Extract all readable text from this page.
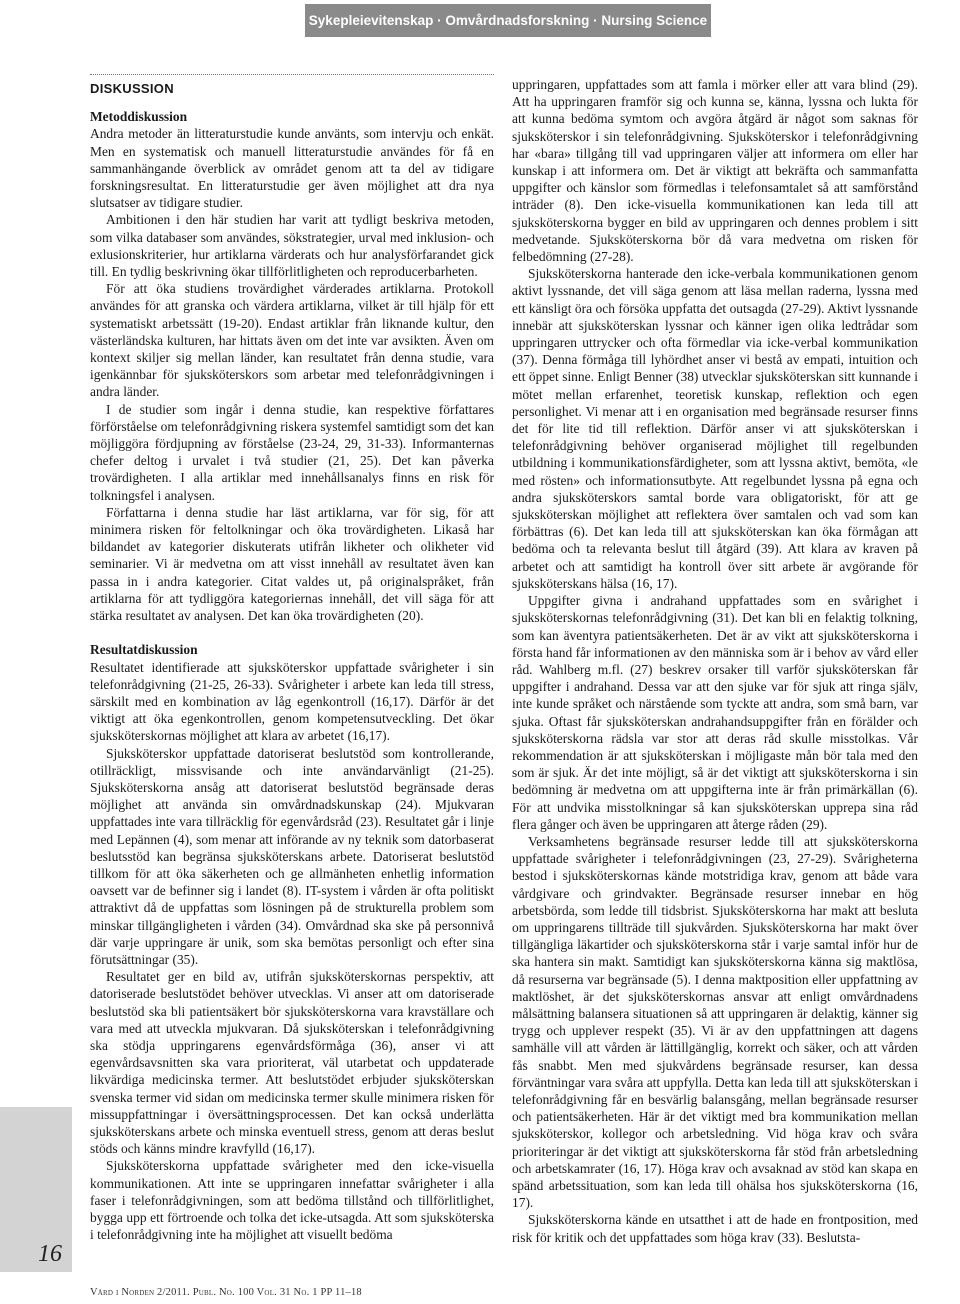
Sykepleievitenskap · Omvårdnadsforskning · Nursing Science
DISKUSSION
Metoddiskussion

Andra metoder än litteraturstudie kunde använts, som intervju och enkät. Men en systematisk och manuell litteraturstudie användes för få en sammanhängande överblick av området genom att ta del av tidigare forskningsresultat. En litteraturstudie ger även möjlighet att dra nya slutsatser av tidigare studier.

Ambitionen i den här studien har varit att tydligt beskriva metoden, som vilka databaser som användes, sökstrategier, urval med inklusion- och exlusionskriterier, hur artiklarna värderats och hur analysförfarandet gick till. En tydlig beskrivning ökar tillförlitligheten och reproducerbarheten.

För att öka studiens trovärdighet värderades artiklarna. Protokoll användes för att granska och värdera artiklarna, vilket är till hjälp för ett systematiskt arbetssätt (19-20). Endast artiklar från liknande kultur, den västerländska kulturen, har hittats även om det inte var avsikten. Även om kontext skiljer sig mellan länder, kan resultatet från denna studie, vara igenkännbar för sjuksköterskors som arbetar med telefonrådgivningen i andra länder.

I de studier som ingår i denna studie, kan respektive författares förförståelse om telefonrådgivning riskera systemfel samtidigt som det kan möjliggöra fördjupning av förståelse (23-24, 29, 31-33). Informanternas chefer deltog i urvalet i två studier (21, 25). Det kan påverka trovärdigheten. I alla artiklar med innehållsanalys finns en risk för tolkningsfel i analysen.

Författarna i denna studie har läst artiklarna, var för sig, för att minimera risken för feltolkningar och öka trovärdigheten. Likaså har bildandet av kategorier diskuterats utifrån likheter och olikheter vid seminarier. Vi är medvetna om att visst innehåll av resultatet även kan passa in i andra kategorier. Citat valdes ut, på originalspråket, från artiklarna för att tydliggöra kategoriernas innehåll, det vill säga för att stärka resultatet av analysen. Det kan öka trovärdigheten (20).

Resultatdiskussion

Resultatet identifierade att sjuksköterskor uppfattade svårigheter i sin telefonrådgivning (21-25, 26-33). Svårigheter i arbete kan leda till stress, särskilt med en kombination av låg egenkontroll (16,17). Därför är det viktigt att öka egenkontrollen, genom kompetensutveckling. Det ökar sjuksköterskornas möjlighet att klara av arbetet (16,17).

Sjuksköterskor uppfattade datoriserat beslutstöd som kontrollerande, otillräckligt, missvisande och inte användarvänligt (21-25). Sjuksköterskorna ansåg att datoriserat beslutstöd begränsade deras möjlighet att använda sin omvårdnadskunskap (24). Mjukvaran uppfattades inte vara tillräcklig för egenvårdsråd (23). Resultatet går i linje med Lepännen (4), som menar att införande av ny teknik som datorbaserat beslutsstöd kan begränsa sjuksköterskans arbete. Datoriserat beslutstöd tillkom för att öka säkerheten och ge allmänheten enhetlig information oavsett var de befinner sig i landet (8). IT-system i vården är ofta politiskt attraktivt då de uppfattas som lösningen på de strukturella problem som minskar tillgängligheten i vården (34). Omvårdnad ska ske på personnivå där varje uppringare är unik, som ska bemötas personligt och efter sina förutsättningar (35).

Resultatet ger en bild av, utifrån sjuksköterskornas perspektiv, att datoriserade beslutstödet behöver utvecklas. Vi anser att om datoriserade beslutstöd ska bli patientsäkert bör sjuksköterskorna vara kravställare och vara med att utveckla mjukvaran. Då sjuksköterskan i telefonrådgivning ska stödja uppringarens egenvårdsförmåga (36), anser vi att egenvårdsavsnitten ska vara prioriterat, väl utarbetat och uppdaterade likvärdiga medicinska termer. Att beslutstödet erbjuder sjuksköterskan svenska termer vid sidan om medicinska termer skulle minimera risken för missuppfattningar i översättningsprocessen. Det kan också underlätta sjuksköterskans arbete och minska eventuell stress, genom att deras beslut stöds och känns mindre kravfylld (16,17).

Sjuksköterskorna uppfattade svårigheter med den icke-visuella kommunikationen. Att inte se uppringaren innefattar svårigheter i alla faser i telefonrådgivningen, som att bedöma tillstånd och tillförlitlighet, bygga upp ett förtroende och tolka det icke-utsagda. Att som sjuksköterska i telefonrådgivning inte ha möjlighet att visuellt bedöma

uppringaren, uppfattades som att famla i mörker eller att vara blind (29). Att ha uppringaren framför sig och kunna se, känna, lyssna och lukta för att kunna bedöma symtom och avgöra åtgärd är något som saknas för sjuksköterskor i sin telefonrådgivning. Sjuksköterskor i telefonrådgivning har «bara» tillgång till vad uppringaren väljer att informera om eller har kunskap i att informera om. Det är viktigt att bekräfta och sammanfatta uppgifter och känslor som förmedlas i telefonsamtalet så att samförstånd inträder (8). Den icke-visuella kommunikationen kan leda till att sjuksköterskorna bygger en bild av uppringaren och dennes problem i sitt medvetande. Sjuksköterskorna bör då vara medvetna om risken för felbedömning (27-28).

Sjuksköterskorna hanterade den icke-verbala kommunikationen genom aktivt lyssnande, det vill säga genom att läsa mellan raderna, lyssna med ett känsligt öra och försöka uppfatta det outsagda (27-29). Aktivt lyssnande innebär att sjuksköterskan lyssnar och känner igen olika ledtrådar som uppringaren uttrycker och ofta förmedlar via icke-verbal kommunikation (37). Denna förmåga till lyhördhet anser vi bestå av empati, intuition och ett öppet sinne. Enligt Benner (38) utvecklar sjuksköterskan sitt kunnande i mötet mellan erfarenhet, teoretisk kunskap, reflektion och egen personlighet. Vi menar att i en organisation med begränsade resurser finns det för lite tid till reflektion. Därför anser vi att sjuksköterskan i telefonrådgivning behöver organiserad möjlighet till regelbunden utbildning i kommunikationsfärdigheter, som att lyssna aktivt, bemöta, «le med rösten» och informationsutbyte. Att regelbundet lyssna på egna och andra sjuksköterskors samtal borde vara obligatoriskt, för att ge sjuksköterskan möjlighet att reflektera över samtalen och vad som kan förbättras (6). Det kan leda till att sjuksköterskan kan öka förmågan att bedöma och ta relevanta beslut till åtgärd (39). Att klara av kraven på arbetet och att samtidigt ha kontroll över sitt arbete är avgörande för sjuksköterskans hälsa (16, 17).

Uppgifter givna i andrahand uppfattades som en svårighet i sjuksköterskornas telefonrådgivning (31). Det kan bli en felaktig tolkning, som kan äventyra patientsäkerheten. Det är av vikt att sjuksköterskorna i första hand får informationen av den människa som är i behov av vård eller råd. Wahlberg m.fl. (27) beskrev orsaker till varför sjuksköterskan får uppgifter i andrahand. Dessa var att den sjuke var för sjuk att ringa själv, inte kunde språket och närstående som tyckte att andra, som små barn, var sjuka. Oftast får sjuksköterskan andrahandsuppgifter från en förälder och sjuksköterskorna rädsla var stor att deras råd skulle misstolkas. Vår rekommendation är att sjuksköterskan i möjligaste mån bör tala med den som är sjuk. Är det inte möjligt, så är det viktigt att sjuksköterskorna i sin bedömning är medvetna om att uppgifterna inte är från primärkällan (6). För att undvika misstolkningar så kan sjuksköterskan upprepa sina råd flera gånger och även be uppringaren att återge råden (29).

Verksamhetens begränsade resurser ledde till att sjuksköterskorna uppfattade svårigheter i telefonrådgivningen (23, 27-29). Svårigheterna bestod i sjuksköterskornas kände motstridiga krav, genom att både vara vårdgivare och grindvakter. Begränsade resurser innebar en hög arbetsbörda, som ledde till tidsbrist. Sjuksköterskorna har makt att besluta om uppringarens tillträde till sjukvården. Sjuksköterskorna har makt över tillgängliga läkartider och sjuksköterskorna står i varje samtal inför hur de ska hantera sin makt. Samtidigt kan sjuksköterskorna känna sig maktlösa, då resurserna var begränsade (5). I denna maktposition eller uppfattning av maktlöshet, är det sjuksköterskornas ansvar att enligt omvårdnadens målsättning balansera situationen så att uppringaren är delaktig, känner sig trygg och upplever respekt (35). Vi är av den uppfattningen att dagens samhälle vill att vården är lättillgänglig, korrekt och säker, och att vården fås snabbt. Men med sjukvårdens begränsade resurser, kan dessa förväntningar vara svåra att uppfylla. Detta kan leda till att sjuksköterskan i telefonrådgivning får en besvärlig balansgång, mellan begränsade resurser och patientsäkerheten. Här är det viktigt med bra kommunikation mellan sjuksköterskor, kollegor och arbetsledning. Vid höga krav och svåra prioriteringar är det viktigt att sjuksköterskorna får stöd från arbetsledning och arbetskamrater (16, 17). Höga krav och avsaknad av stöd kan skapa en spänd arbetssituation, som kan leda till ohälsa hos sjuksköterskorna (16, 17).

Sjuksköterskorna kände en utsatthet i att de hade en frontposition, med risk för kritik och det uppfattades som höga krav (33). Beslutsta-

16
Vård i Norden 2/2011. Publ. No. 100 Vol. 31 No. 1 PP 11–18
